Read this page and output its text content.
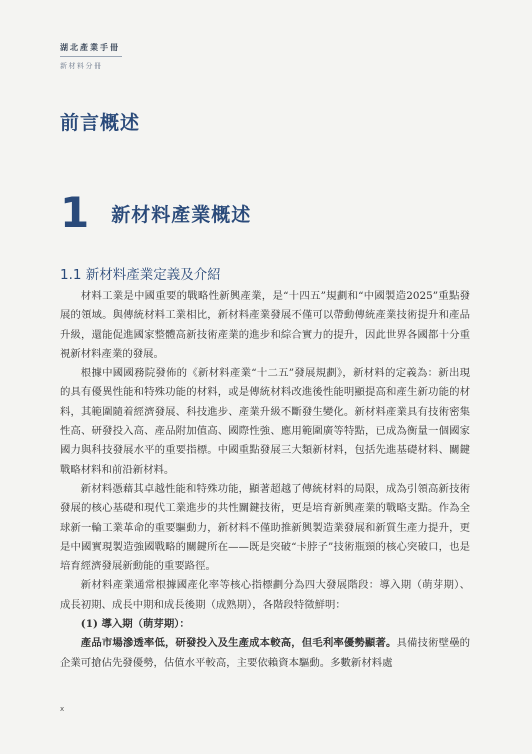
湖北產業手冊
新材料分冊
前言概述
1 新材料產業概述
1.1 新材料產業定義及介紹

材料工業是中國重要的戰略性新興產業，是“十四五”規劃和“中國製造2025”重點發展的領域。與傳統材料工業相比，新材料產業發展不僅可以帶動傳統產業技術提升和產品升級，還能促進國家整體高新技術產業的進步和綜合實力的提升，因此世界各國都十分重視新材料產業的發展。

根據中國國務院發佈的《新材料產業“十二五”發展規劃》，新材料的定義為：新出現的具有優異性能和特殊功能的材料，或是傳統材料改進後性能明顯提高和產生新功能的材料，其範圍隨着經濟發展、科技進步、產業升級不斷發生變化。新材料產業具有技術密集性高、研發投入高、產品附加值高、國際性強、應用範圍廣等特點，已成為衡量一個國家國力與科技發展水平的重要指標。中國重點發展三大類新材料，包括先進基礎材料、關鍵戰略材料和前沿新材料。

新材料憑藉其卓越性能和特殊功能，顯著超越了傳統材料的局限，成為引領高新技術發展的核心基礎和現代工業進步的共性關鍵技術，更是培育新興產業的戰略支點。作為全球新一輪工業革命的重要驅動力，新材料不僅助推新興製造業發展和新質生產力提升，更是中國實現製造強國戰略的關鍵所在——既是突破“卡脖子”技術瓶頸的核心突破口，也是培育經濟發展新動能的重要路徑。

新材料產業通常根據國產化率等核心指標劃分為四大發展階段：導入期（萌芽期）、成長初期、成長中期和成長後期（成熟期），各階段特徵鮮明：

(1) 導入期（萌芽期）：

產品市場滲透率低，研發投入及生產成本較高，但毛利率優勢顯著。具備技術壁壘的企業可搶佔先發優勢，估值水平較高，主要依賴資本驅動。多數新材料處

x
